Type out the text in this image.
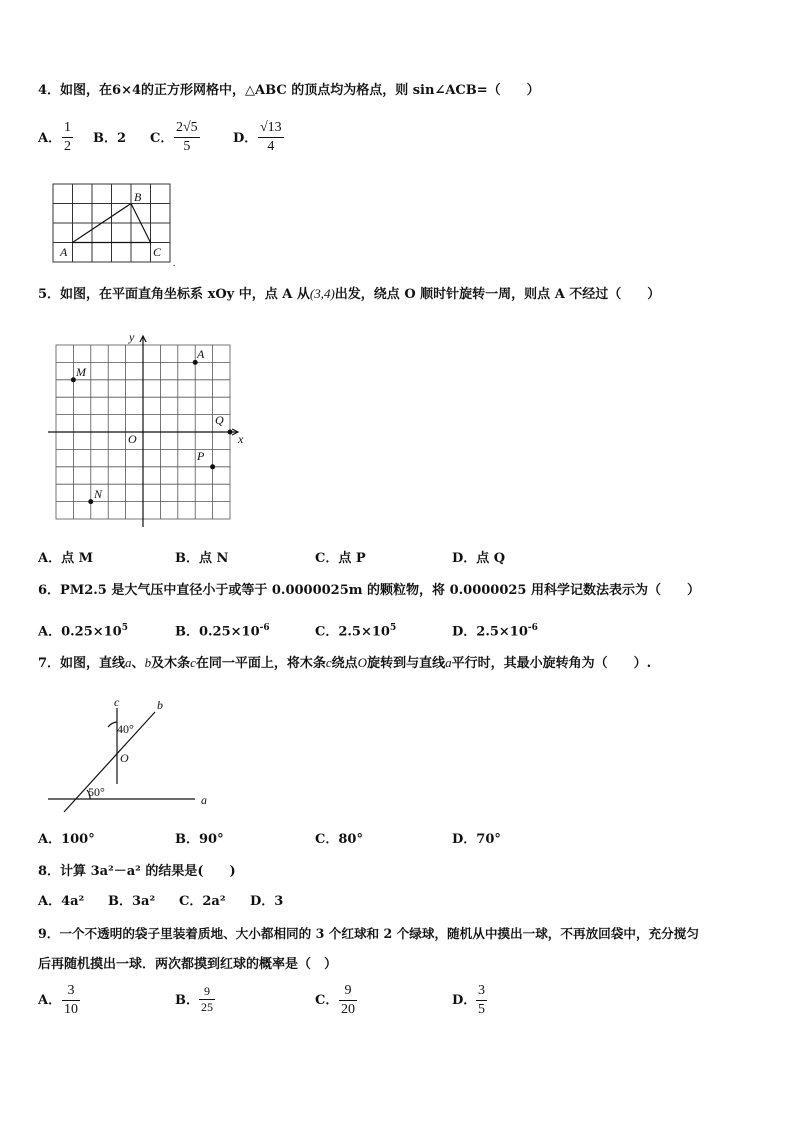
4．如图，在6×4的正方形网格中，△ABC 的顶点均为格点，则 sin∠ACB=（　　）
A．
1
2
B．2 C．
2√5
5
D．
√13
4
A
B
C
.
5．如图，在平面直角坐标系 xOy 中，点 A 从(3,4)出发，绕点 O 顺时针旋转一周，则点 A 不经过（　　）
y
x
O
A
M
Q
P
N
A．点 M	B．点 N	C．点 P	D．点 Q
6．PM2.5 是大气压中直径小于或等于 0.0000025m 的颗粒物，将 0.0000025 用科学记数法表示为（　　）
A．$0.25\times 10^5$	B．$0.25\times 10^{-6}$	C．$2.5\times 10^5$	D．$2.5\times 10^{-6}$
7．如图，直线a、b及木条c在同一平面上，将木条c绕点O旋转到与直线a平行时，其最小旋转角为（　　）.
c	b
40°
O
50°
a
A．100°	B．90°	C．80°	D．70°
8．计算 3a²－a² 的结果是(　　)
A．4a² B．3a² C．2a² D．3
9．一个不透明的袋子里装着质地、大小都相同的 3 个红球和 2 个绿球，随机从中摸出一球，不再放回袋中，充分搅匀
后再随机摸出一球．两次都摸到红球的概率是（　）
A．
3
10
B．
9
25	C．
9
20
D．
3
5
